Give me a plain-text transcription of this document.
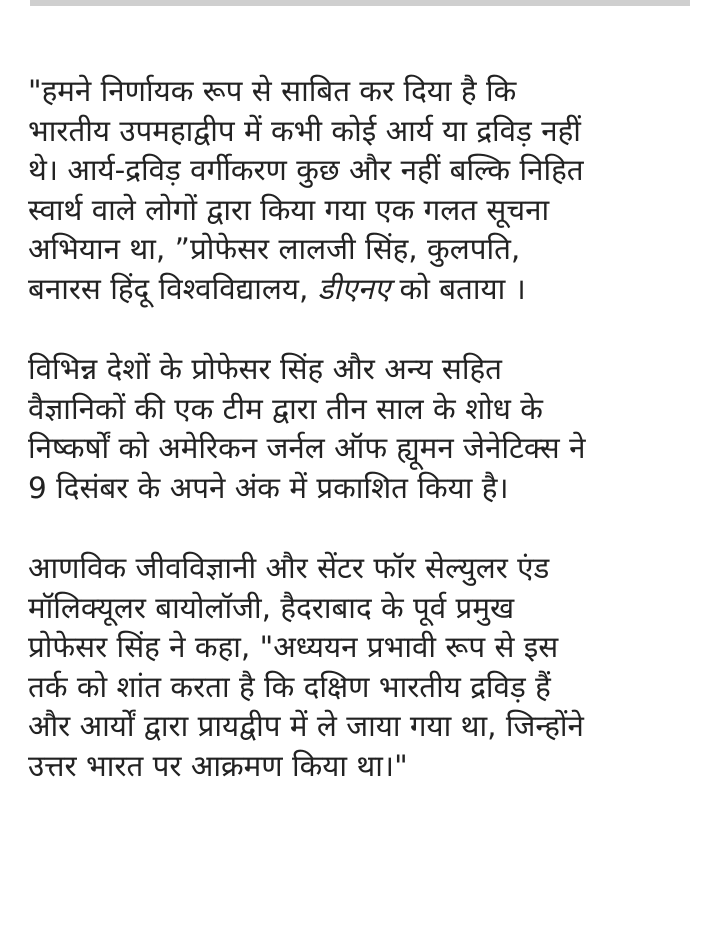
"हमने निर्णायक रूप से साबित कर दिया है कि
भारतीय उपमहाद्वीप में कभी कोई आर्य या द्रविड़ नहीं
थे। आर्य-द्रविड़ वर्गीकरण कुछ और नहीं बल्कि निहित
स्वार्थ वाले लोगों द्वारा किया गया एक गलत सूचना
अभियान था, ”प्रोफेसर लालजी सिंह, कुलपति,
बनारस हिंदू विश्वविद्यालय, डीएनए को बताया ।

विभिन्न देशों के प्रोफेसर सिंह और अन्य सहित
वैज्ञानिकों की एक टीम द्वारा तीन साल के शोध के
निष्कर्षों को अमेरिकन जर्नल ऑफ ह्यूमन जेनेटिक्स ने
9 दिसंबर के अपने अंक में प्रकाशित किया है।

आणविक जीवविज्ञानी और सेंटर फॉर सेल्युलर एंड
मॉलिक्यूलर बायोलॉजी, हैदराबाद के पूर्व प्रमुख
प्रोफेसर सिंह ने कहा, "अध्ययन प्रभावी रूप से इस
तर्क को शांत करता है कि दक्षिण भारतीय द्रविड़ हैं
और आर्यों द्वारा प्रायद्वीप में ले जाया गया था, जिन्होंने
उत्तर भारत पर आक्रमण किया था।"
